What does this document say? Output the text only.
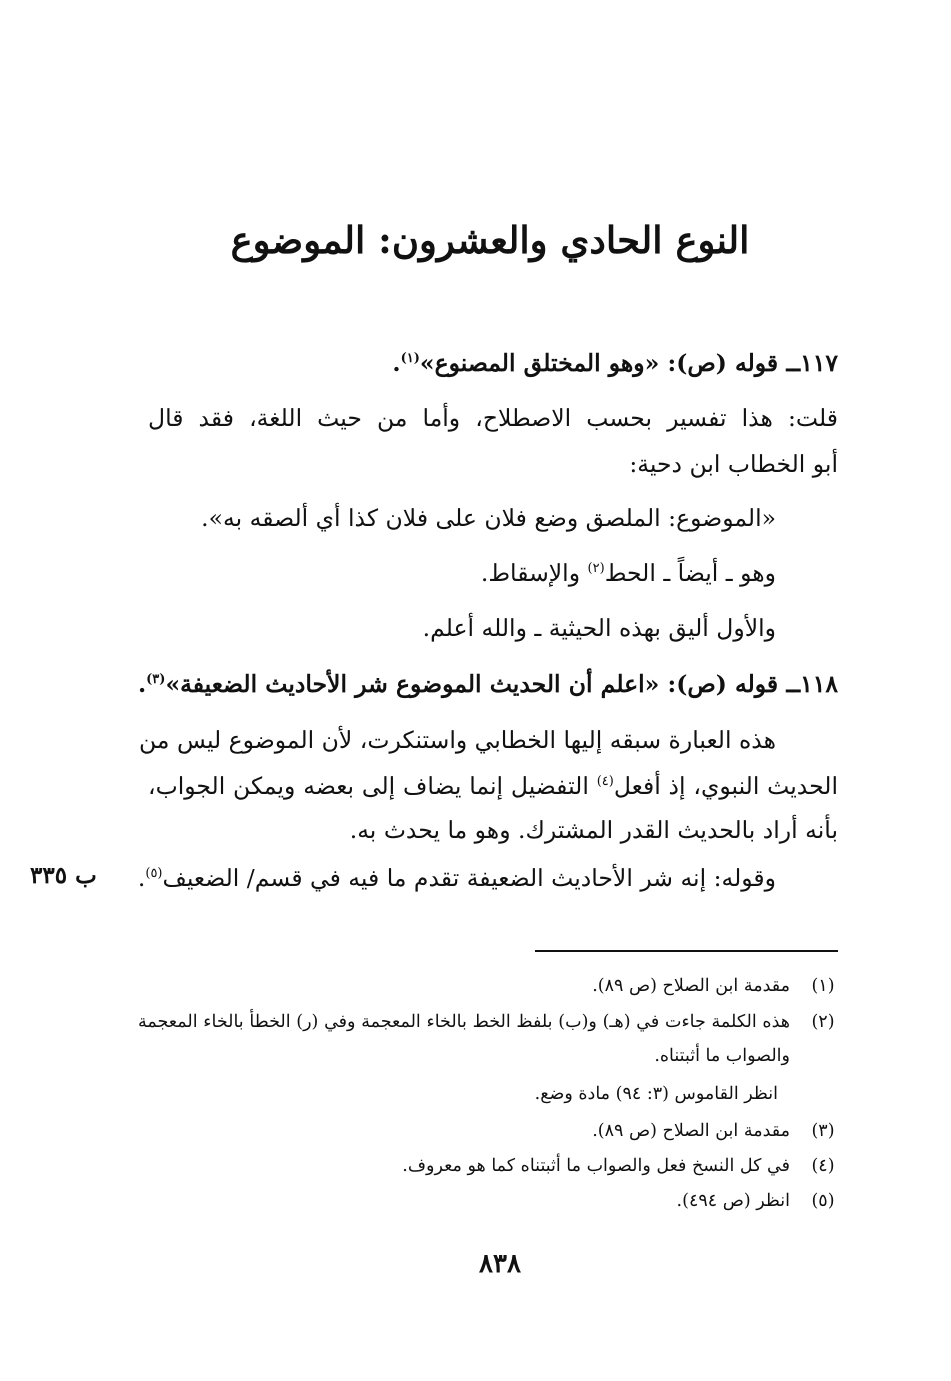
النوع الحادي والعشرون: الموضوع
١١٧ــ قوله (ص): «وهو المختلق المصنوع»$^{(١)}$.
قلت: هذا تفسير بحسب الاصطلاح، وأما من حيث اللغة، فقد قال
أبو الخطاب ابن دحية:
«الموضوع: الملصق وضع فلان على فلان كذا أي ألصقه به».
وهو ـ أيضاً ـ الحط$^{(٢)}$ والإسقاط.
والأول أليق بهذه الحيثية ـ والله أعلم.
١١٨ــ قوله (ص): «اعلم أن الحديث الموضوع شر الأحاديث الضعيفة»$^{(٣)}$.
هذه العبارة سبقه إليها الخطابي واستنكرت، لأن الموضوع ليس من
الحديث النبوي، إذ أفعل$^{(٤)}$ التفضيل إنما يضاف إلى بعضه ويمكن الجواب،
بأنه أراد بالحديث القدر المشترك. وهو ما يحدث به.
وقوله: إنه شر الأحاديث الضعيفة تقدم ما فيه في قسم/ الضعيف$^{(٥)}$.
ب ٣٣٥
(١)
مقدمة ابن الصلاح (ص ٨٩).
(٢)
هذه الكلمة جاءت في (هـ) و(ب) بلفظ الخط بالخاء المعجمة وفي (ر) الخطأ بالخاء المعجمة
والصواب ما أثبتناه.
انظر القاموس (٣: ٩٤) مادة وضع.
(٣)
مقدمة ابن الصلاح (ص ٨٩).
(٤)
في كل النسخ فعل والصواب ما أثبتناه كما هو معروف.
(٥)
انظر (ص ٤٩٤).
٨٣٨
